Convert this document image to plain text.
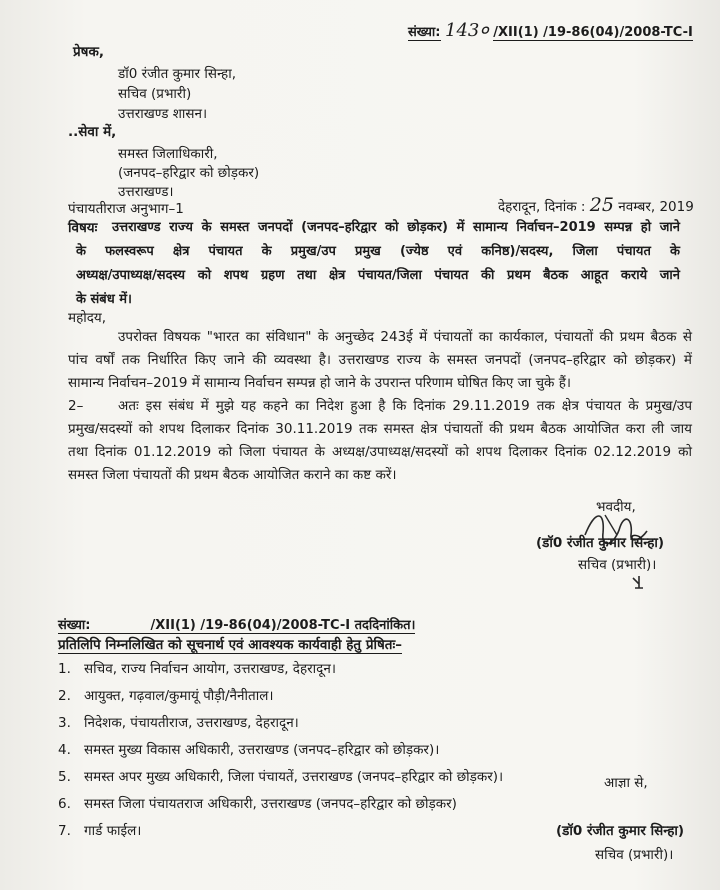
संख्या: 143० /XII(1) /19-86(04)/2008-TC-I
प्रेषक,
डॉ0 रंजीत कुमार सिन्हा,
सचिव (प्रभारी)
उत्तराखण्ड शासन।
..सेवा में,
समस्त जिलाधिकारी,
(जनपद–हरिद्वार को छोड़कर)
उत्तराखण्ड।
पंचायतीराज अनुभाग–1	देहरादून, दिनांक : 25 नवम्बर, 2019
विषयः उत्तराखण्ड राज्य के समस्त जनपदों (जनपद–हरिद्वार को छोड़कर) में सामान्य निर्वाचन–2019 सम्पन्न हो जाने
के फलस्वरूप क्षेत्र पंचायत के प्रमुख/उप प्रमुख (ज्येष्ठ एवं कनिष्ठ)/सदस्य, जिला पंचायत के
अध्यक्ष/उपाध्यक्ष/सदस्य को शपथ ग्रहण तथा क्षेत्र पंचायत/जिला पंचायत की प्रथम बैठक आहूत कराये जाने
के संबंध में।
महोदय,
उपरोक्त विषयक "भारत का संविधान" के अनुच्छेद 243ई में पंचायतों का कार्यकाल, पंचायतों की प्रथम बैठक से
पांच वर्षों तक निर्धारित किए जाने की व्यवस्था है। उत्तराखण्ड राज्य के समस्त जनपदों (जनपद–हरिद्वार को छोड़कर) में
सामान्य निर्वाचन–2019 में सामान्य निर्वाचन सम्पन्न हो जाने के उपरान्त परिणाम घोषित किए जा चुके हैं।
2–	अतः इस संबंध में मुझे यह कहने का निदेश हुआ है कि दिनांक 29.11.2019 तक क्षेत्र पंचायत के प्रमुख/उप
प्रमुख/सदस्यों को शपथ दिलाकर दिनांक 30.11.2019 तक समस्त क्षेत्र पंचायतों की प्रथम बैठक आयोजित करा ली जाय
तथा दिनांक 01.12.2019 को जिला पंचायत के अध्यक्ष/उपाध्यक्ष/सदस्यों को शपथ दिलाकर दिनांक 02.12.2019 को
समस्त जिला पंचायतों की प्रथम बैठक आयोजित कराने का कष्ट करें।
भवदीय,
(डॉ0 रंजीत कुमार सिन्हा)
सचिव (प्रभारी)।
संख्या:	/XII(1) /19-86(04)/2008-TC-I तददिनांकित।
प्रतिलिपि निम्नलिखित को सूचनार्थ एवं आवश्यक कार्यवाही हेतु प्रेषितः–
1. सचिव, राज्य निर्वाचन आयोग, उत्तराखण्ड, देहरादून।
2. आयुक्त, गढ़वाल/कुमायूं पौड़ी/नैनीताल।
3. निदेशक, पंचायतीराज, उत्तराखण्ड, देहरादून।
4. समस्त मुख्य विकास अधिकारी, उत्तराखण्ड (जनपद–हरिद्वार को छोड़कर)।
5. समस्त अपर मुख्य अधिकारी, जिला पंचायतें, उत्तराखण्ड (जनपद–हरिद्वार को छोड़कर)।
6. समस्त जिला पंचायतराज अधिकारी, उत्तराखण्ड (जनपद–हरिद्वार को छोड़कर)
7. गार्ड फाईल।
आज्ञा से,
(डॉ0 रंजीत कुमार सिन्हा)
सचिव (प्रभारी)।
